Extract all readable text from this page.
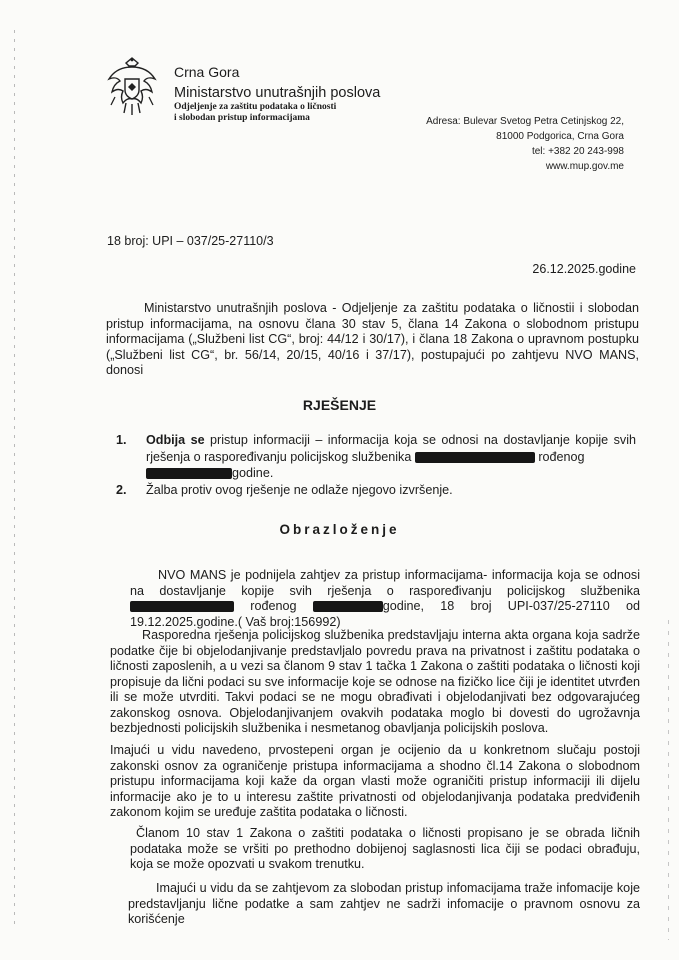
Crna Gora
Ministarstvo unutrašnjih poslova
Odjeljenje za zaštitu podataka o ličnosti
i slobodan pristup informacijama	Adresa: Bulevar Svetog Petra Cetinjskog 22,
81000 Podgorica, Crna Gora
tel: +382 20 243-998
www.mup.gov.me
18 broj: UPI – 037/25-27110/3
26.12.2025.godine
Ministarstvo unutrašnjih poslova - Odjeljenje za zaštitu podataka o ličnostii i slobodan pristup informacijama, na osnovu člana 30 stav 5, člana 14 Zakona o slobodnom pristupu informacijama („Službeni list CG“, broj: 44/12 i 30/17), i člana 18 Zakona o upravnom postupku („Službeni list CG“, br. 56/14, 20/15, 40/16 i 37/17), postupajući po zahtjevu NVO MANS, donosi
RJEŠENJE
1.	Odbija se pristup informaciji – informacija koja se odnosi na dostavljanje kopije svih rješenja o raspoređivanju policijskog službenika	rođenog
godine.
2.	Žalba protiv ovog rješenje ne odlaže njegovo izvršenje.
Obrazloženje
NVO MANS je podnijela zahtjev za pristup informacijama- informacija koja se odnosi na dostavljanje kopije svih rješenja o raspoređivanju policijskog službenika  rođenog	godine, 18 broj UPI-037/25-27110 od 19.12.2025.godine.( Vaš broj:156992)
Rasporedna rješenja policijskog službenika predstavljaju interna akta organa koja sadrže podatke čije bi objelodanjivanje predstavljalo povredu prava na privatnost i zaštitu podataka o ličnosti zaposlenih, a u vezi sa članom 9 stav 1 tačka 1 Zakona o zaštiti podataka o ličnosti koji propisuje da lični podaci su sve informacije koje se odnose na fizičko lice čiji je identitet utvrđen ili se može utvrditi. Takvi podaci se ne mogu obrađivati i objelodanjivati bez odgovarajućeg zakonskog osnova. Objelodanjivanjem ovakvih podataka moglo bi dovesti do ugrožavnja bezbjednosti policijskih službenika i nesmetanog obavljanja policijskih poslova.
Imajući u vidu navedeno, prvostepeni organ je ocijenio da u konkretnom slučaju postoji zakonski osnov za ograničenje pristupa informacijama a shodno čl.14 Zakona o slobodnom pristupu informacijama koji kaže da organ vlasti može ograničiti pristup informaciji ili dijelu informacije ako je to u interesu zaštite privatnosti od objelodanjivanja podataka predviđenih zakonom kojim se uređuje zaštita podataka o ličnosti.
Članom 10 stav 1 Zakona o zaštiti podataka o ličnosti propisano je se obrada ličnih podataka može se vršiti po prethodno dobijenoj saglasnosti lica čiji se podaci obrađuju, koja se može opozvati u svakom trenutku.
Imajući u vidu da se zahtjevom za slobodan pristup infomacijama traže infomacije koje predstavljanju lične podatke a sam zahtjev ne sadrži infomacije o pravnom osnovu za korišćenje
